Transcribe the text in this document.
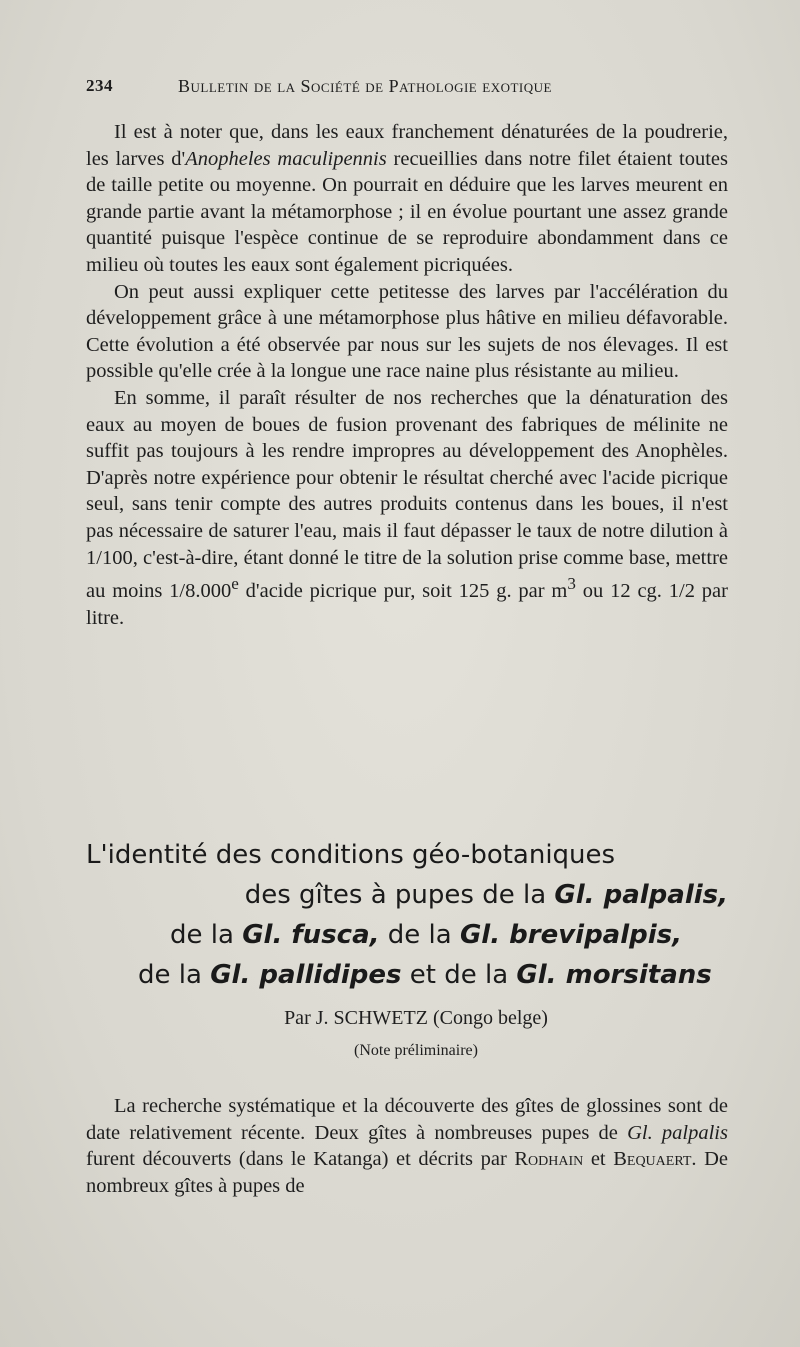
234	Bulletin de la Société de Pathologie exotique

Il est à noter que, dans les eaux franchement dénaturées de la poudrerie, les larves d'Anopheles maculipennis recueillies dans notre filet étaient toutes de taille petite ou moyenne. On pourrait en déduire que les larves meurent en grande partie avant la métamorphose ; il en évolue pourtant une assez grande quantité puisque l'espèce continue de se reproduire abondamment dans ce milieu où toutes les eaux sont également picriquées.

On peut aussi expliquer cette petitesse des larves par l'accélération du développement grâce à une métamorphose plus hâtive en milieu défavorable. Cette évolution a été observée par nous sur les sujets de nos élevages. Il est possible qu'elle crée à la longue une race naine plus résistante au milieu.

En somme, il paraît résulter de nos recherches que la dénaturation des eaux au moyen de boues de fusion provenant des fabriques de mélinite ne suffit pas toujours à les rendre impropres au développement des Anophèles. D'après notre expérience pour obtenir le résultat cherché avec l'acide picrique seul, sans tenir compte des autres produits contenus dans les boues, il n'est pas nécessaire de saturer l'eau, mais il faut dépasser le taux de notre dilution à 1/100, c'est-à-dire, étant donné le titre de la solution prise comme base, mettre au moins 1/8.000e d'acide picrique pur, soit 125 g. par $m^3$ ou 12 cg. 1/2 par litre.

L'identité des conditions géo-botaniques
des gîtes à pupes de la Gl. palpalis,
de la Gl. fusca, de la Gl. brevipalpis,
de la Gl. pallidipes et de la Gl. morsitans
Par J. SCHWETZ (Congo belge)
(Note préliminaire)

La recherche systématique et la découverte des gîtes de glossines sont de date relativement récente. Deux gîtes à nombreuses pupes de Gl. palpalis furent découverts (dans le Katanga) et décrits par Rodhain et Bequaert. De nombreux gîtes à pupes de
